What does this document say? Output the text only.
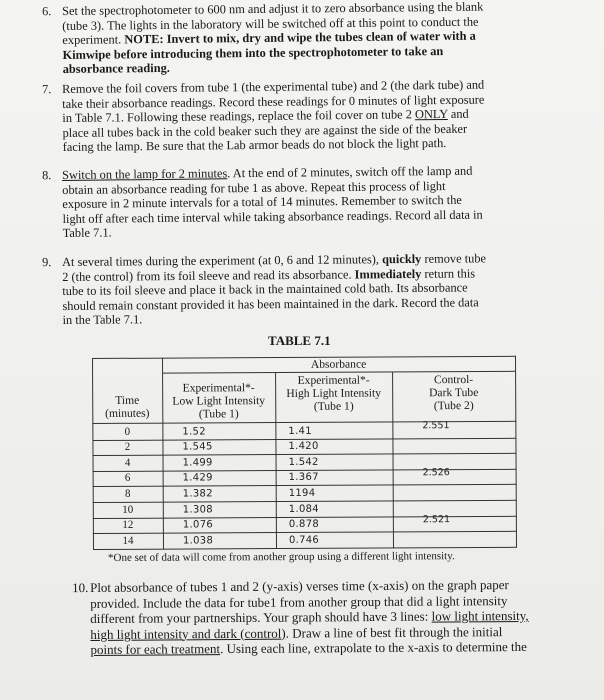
6. Set the spectrophotometer to 600 nm and adjust it to zero absorbance using the blank
(tube 3). The lights in the laboratory will be switched off at this point to conduct the
experiment. NOTE: Invert to mix, dry and wipe the tubes clean of water with a
Kimwipe before introducing them into the spectrophotometer to take an
absorbance reading.
7. Remove the foil covers from tube 1 (the experimental tube) and 2 (the dark tube) and
take their absorbance readings. Record these readings for 0 minutes of light exposure
in Table 7.1. Following these readings, replace the foil cover on tube 2 ONLY and
place all tubes back in the cold beaker such they are against the side of the beaker
facing the lamp. Be sure that the Lab armor beads do not block the light path.
8. Switch on the lamp for 2 minutes. At the end of 2 minutes, switch off the lamp and
obtain an absorbance reading for tube 1 as above. Repeat this process of light
exposure in 2 minute intervals for a total of 14 minutes. Remember to switch the
light off after each time interval while taking absorbance readings. Record all data in
Table 7.1.
9. At several times during the experiment (at 0, 6 and 12 minutes), quickly remove tube
2 (the control) from its foil sleeve and read its absorbance. Immediately return this
tube to its foil sleeve and place it back in the maintained cold bath. Its absorbance
should remain constant provided it has been maintained in the dark. Record the data
in the Table 7.1.
TABLE 7.1
Absorbance
Time
(minutes)
Experimental*-
Low Light Intensity
(Tube 1)
Experimental*-
High Light Intensity
(Tube 1)
Control-
Dark Tube
(Tube 2)
0	1.52	1.41	2.551
2	1.545	1.420
4	1.499	1.542
6	1.429	1.367	2.526
8	1.382	1194
10	1.308	1.084
12	1.076	0.878	2.521
14	1.038	0.746
*One set of data will come from another group using a different light intensity.
10. Plot absorbance of tubes 1 and 2 (y-axis) verses time (x-axis) on the graph paper
provided. Include the data for tube1 from another group that did a light intensity
different from your partnerships. Your graph should have 3 lines: low light intensity,
high light intensity and dark (control). Draw a line of best fit through the initial
points for each treatment. Using each line, extrapolate to the x-axis to determine the
